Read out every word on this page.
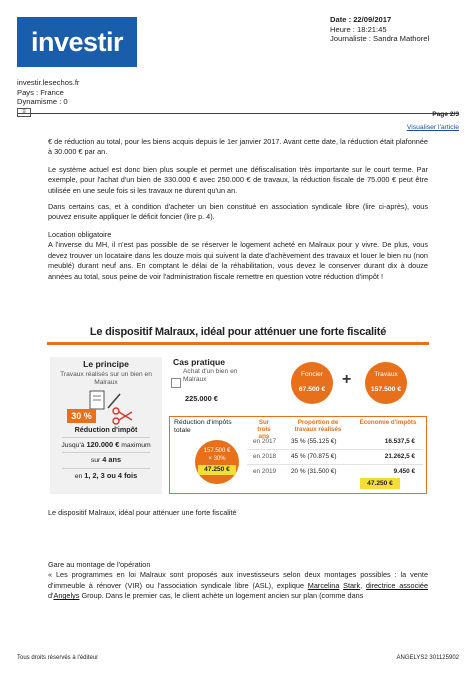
investir
Date : 22/09/2017
Heure : 18:21:45
Journaliste : Sandra Mathorel
investir.lesechos.fr
Pays : France
Dynamisme : 0
≡	Page 2/3
Visualiser l'article
€ de réduction au total, pour les biens acquis depuis le 1er janvier 2017. Avant cette date, la réduction était plafonnée à 30.000 € par an.
Le système actuel est donc bien plus souple et permet une défiscalisation très importante sur le court terme. Par exemple, pour l'achat d'un bien de 330.000 € avec 250.000 € de travaux, la réduction fiscale de 75.000 € peut être utilisée en une seule fois si les travaux ne durent qu'un an.
Dans certains cas, et à condition d'acheter un bien constitué en association syndicale libre (lire ci-après), vous pouvez ensuite appliquer le déficit foncier (lire p. 4).

Location obligatoire

A l'inverse du MH, il n'est pas possible de se réserver le logement acheté en Malraux pour y vivre. De plus, vous devez trouver un locataire dans les douze mois qui suivent la date d'achèvement des travaux et louer le bien nu (non meublé) durant neuf ans. En comptant le délai de la réhabilitation, vous devez le conserver durant dix à douze années au total, sous peine de voir l'administration fiscale remettre en question votre réduction d'impôt !

Le dispositif Malraux, idéal pour atténuer une forte fiscalité
Le principe
Travaux réalisés sur un bien en Malraux
30 %
Réduction d'impôt
Jusqu'à 120.000 € maximum
sur 4 ans
en 1, 2, 3 ou 4 fois
Cas pratique
Achat d'un bien en Malraux
225.000 €
Foncier
67.500 €
+	Travaux
157.500 €
Réduction d'impôts totale
157.500 €
× 30%
47.250 €
Sur trois ans
Proportion de travaux réalisés
Economie d'impôts
en 2017 35 % (55.125 €)	16.537,5 €
en 2018 45 % (70.875 €)	21.262,5 €
en 2019 20 % (31.500 €)	9.450 €
47.250 €
Le dispositif Malraux, idéal pour atténuer une forte fiscalité

Gare au montage de l'opération

« Les programmes en loi Malraux sont proposés aux investisseurs selon deux montages possibles : la vente d'immeuble à rénover (VIR) ou l'association syndicale libre (ASL), explique Marcelina Stark, directrice associée d'Angelys Group. Dans le premier cas, le client achète un logement ancien sur plan (comme dans

Tous droits réservés à l'éditeur	ANGELYS2 301125902
